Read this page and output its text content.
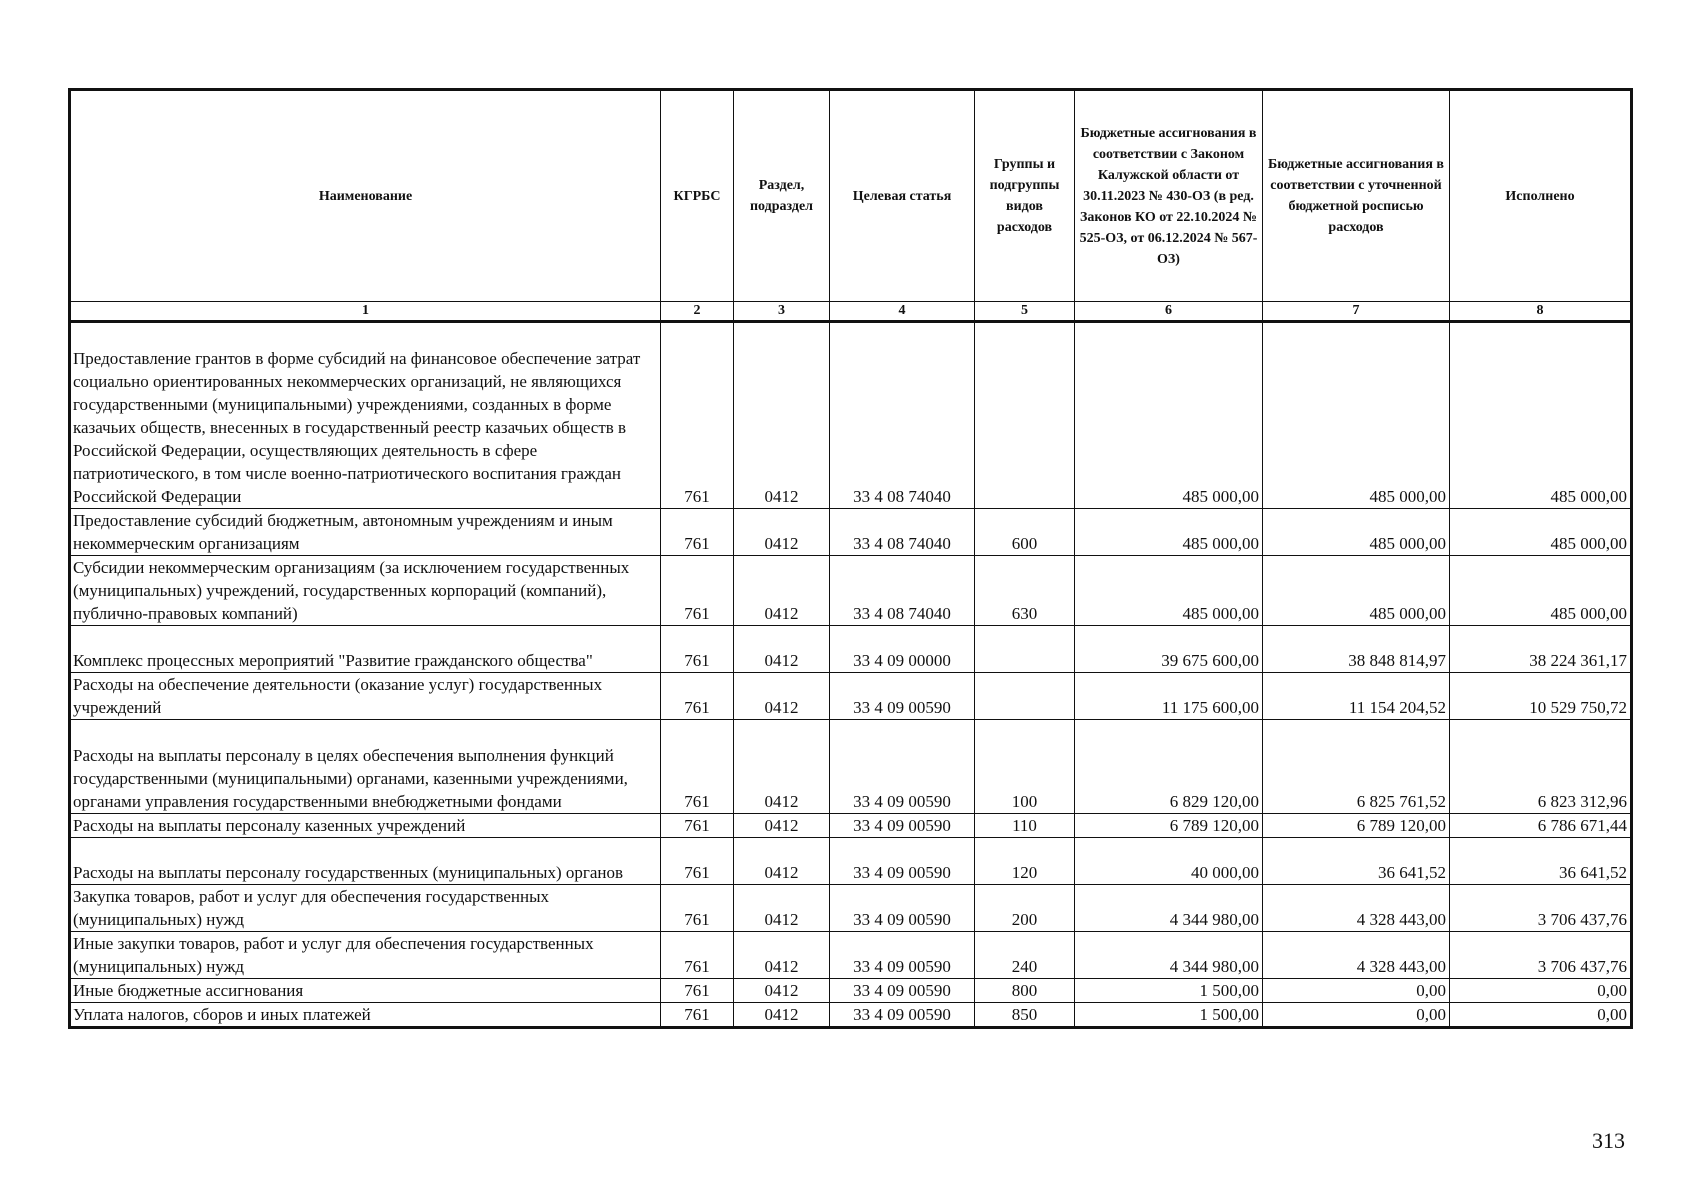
Наименование	КГРБС	Раздел, подраздел	Целевая статья	Группы и подгруппы видов расходов	Бюджетные ассигнования в соответствии с Законом Калужской области от 30.11.2023 № 430-ОЗ (в ред. Законов КО от 22.10.2024 № 525-ОЗ, от 06.12.2024 № 567-ОЗ)	Бюджетные ассигнования в соответствии с уточненной бюджетной росписью расходов	Исполнено
1	2	3	4	5	6	7	8
Предоставление грантов в форме субсидий на финансовое обеспечение затрат социально ориентированных некоммерческих организаций, не являющихся государственными (муниципальными) учреждениями, созданных в форме казачьих обществ, внесенных в государственный реестр казачьих обществ в Российской Федерации, осуществляющих деятельность в сфере патриотического, в том числе военно-патриотического воспитания граждан Российской Федерации	761	0412	33 4 08 74040		485 000,00	485 000,00	485 000,00
Предоставление субсидий бюджетным, автономным учреждениям и иным некоммерческим организациям	761	0412	33 4 08 74040	600	485 000,00	485 000,00	485 000,00
Субсидии некоммерческим организациям (за исключением государственных (муниципальных) учреждений, государственных корпораций (компаний), публично-правовых компаний)	761	0412	33 4 08 74040	630	485 000,00	485 000,00	485 000,00
Комплекс процессных мероприятий "Развитие гражданского общества"	761	0412	33 4 09 00000		39 675 600,00	38 848 814,97	38 224 361,17
Расходы на обеспечение деятельности (оказание услуг) государственных учреждений	761	0412	33 4 09 00590		11 175 600,00	11 154 204,52	10 529 750,72
Расходы на выплаты персоналу в целях обеспечения выполнения функций государственными (муниципальными) органами, казенными учреждениями, органами управления государственными внебюджетными фондами	761	0412	33 4 09 00590	100	6 829 120,00	6 825 761,52	6 823 312,96
Расходы на выплаты персоналу казенных учреждений	761	0412	33 4 09 00590	110	6 789 120,00	6 789 120,00	6 786 671,44
Расходы на выплаты персоналу государственных (муниципальных) органов	761	0412	33 4 09 00590	120	40 000,00	36 641,52	36 641,52
Закупка товаров, работ и услуг для обеспечения государственных (муниципальных) нужд	761	0412	33 4 09 00590	200	4 344 980,00	4 328 443,00	3 706 437,76
Иные закупки товаров, работ и услуг для обеспечения государственных (муниципальных) нужд	761	0412	33 4 09 00590	240	4 344 980,00	4 328 443,00	3 706 437,76
Иные бюджетные ассигнования	761	0412	33 4 09 00590	800	1 500,00	0,00	0,00
Уплата налогов, сборов и иных платежей	761	0412	33 4 09 00590	850	1 500,00	0,00	0,00
313
